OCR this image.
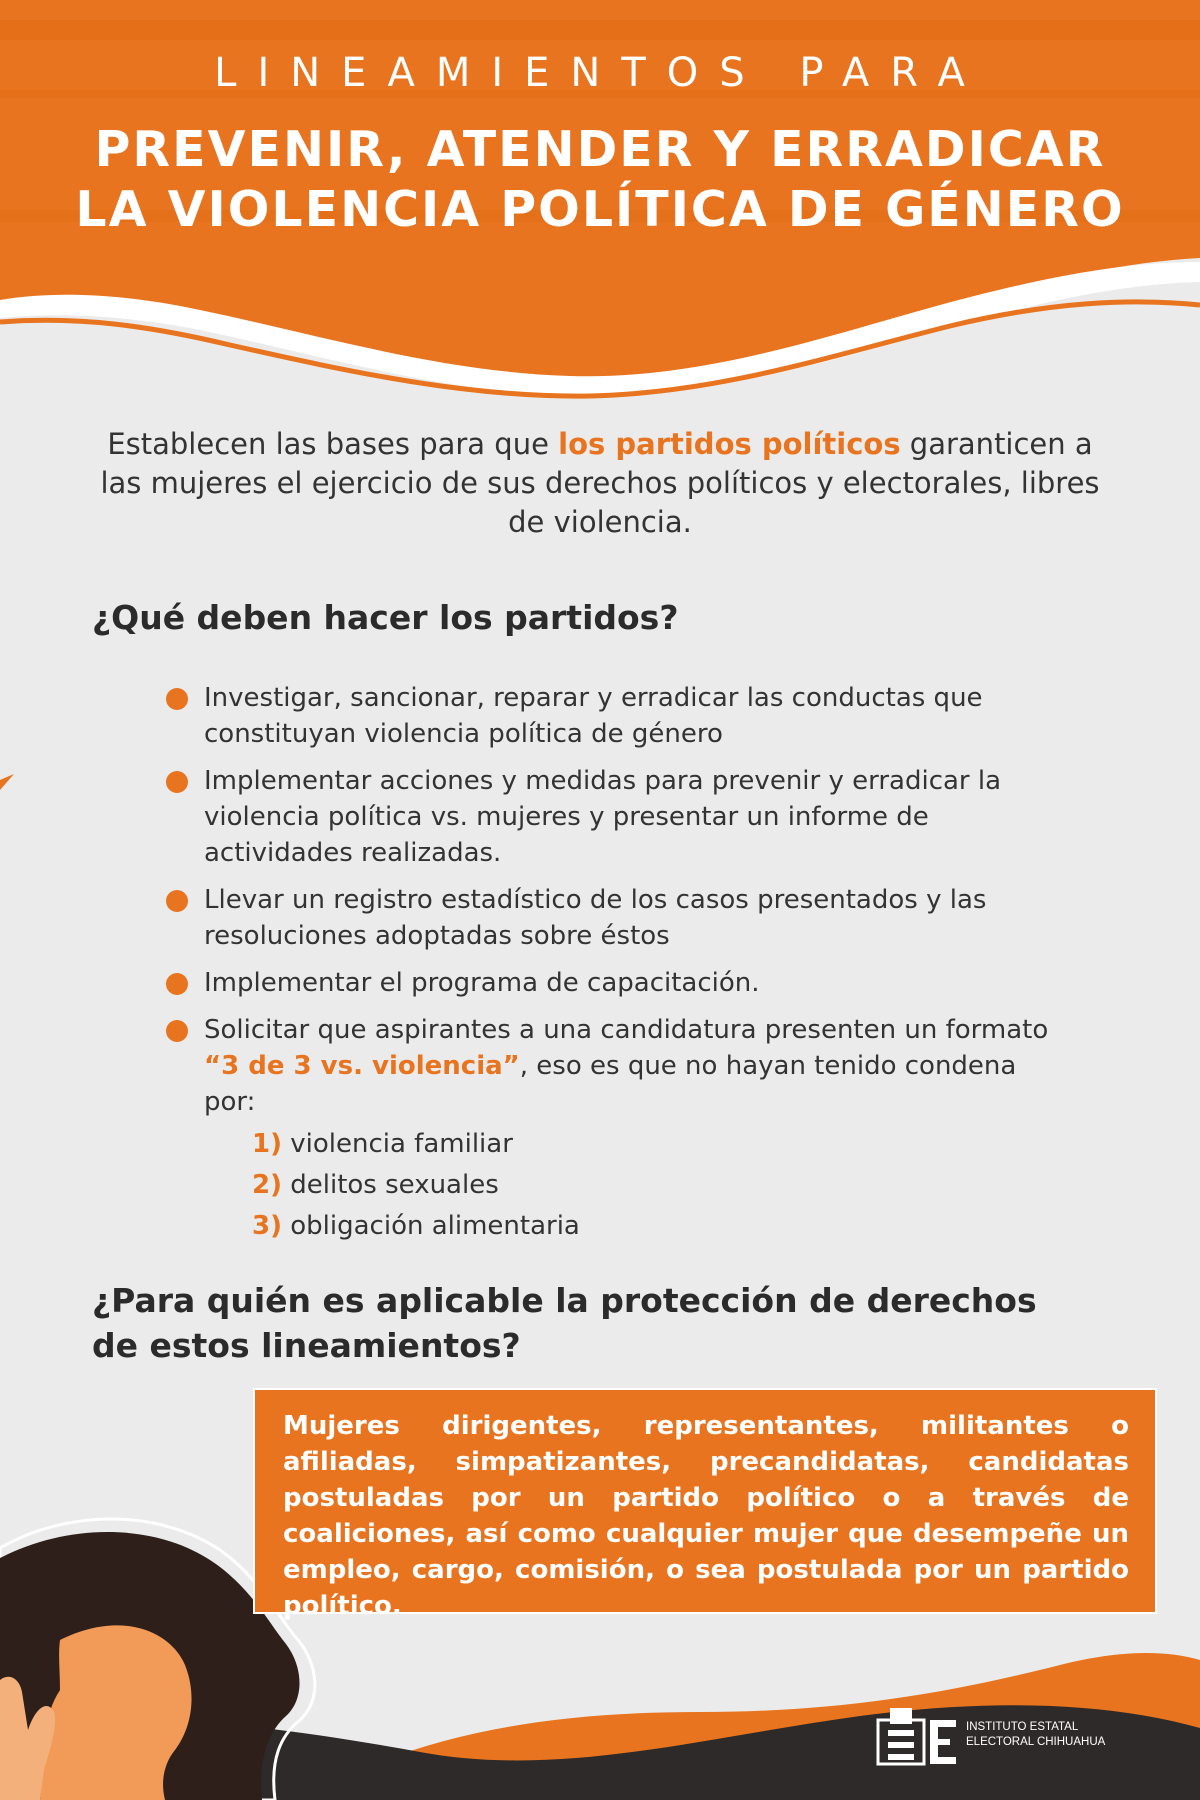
LINEAMIENTOS PARA
PREVENIR, ATENDER Y ERRADICAR
LA VIOLENCIA POLÍTICA DE GÉNERO
Establecen las bases para que los partidos políticos garanticen a las mujeres el ejercicio de sus derechos políticos y electorales, libres de violencia.
¿Qué deben hacer los partidos?
Investigar, sancionar, reparar y erradicar las conductas que constituyan violencia política de género
Implementar acciones y medidas para prevenir y erradicar la violencia política vs. mujeres y presentar un informe de actividades realizadas.
Llevar un registro estadístico de los casos presentados y las resoluciones adoptadas sobre éstos
Implementar el programa de capacitación.
Solicitar que aspirantes a una candidatura presenten un formato “3 de 3 vs. violencia”, eso es que no hayan tenido condena por:
1) violencia familiar
2) delitos sexuales
3) obligación alimentaria
¿Para quién es aplicable la protección de derechos
de estos lineamientos?
Mujeres dirigentes, representantes, militantes o afiliadas, simpatizantes, precandidatas, candidatas postuladas por un partido político o a través de coaliciones, así como cualquier mujer que desempeñe un empleo, cargo, comisión, o sea postulada por un partido político.
INSTITUTO ESTATAL
ELECTORAL CHIHUAHUA
